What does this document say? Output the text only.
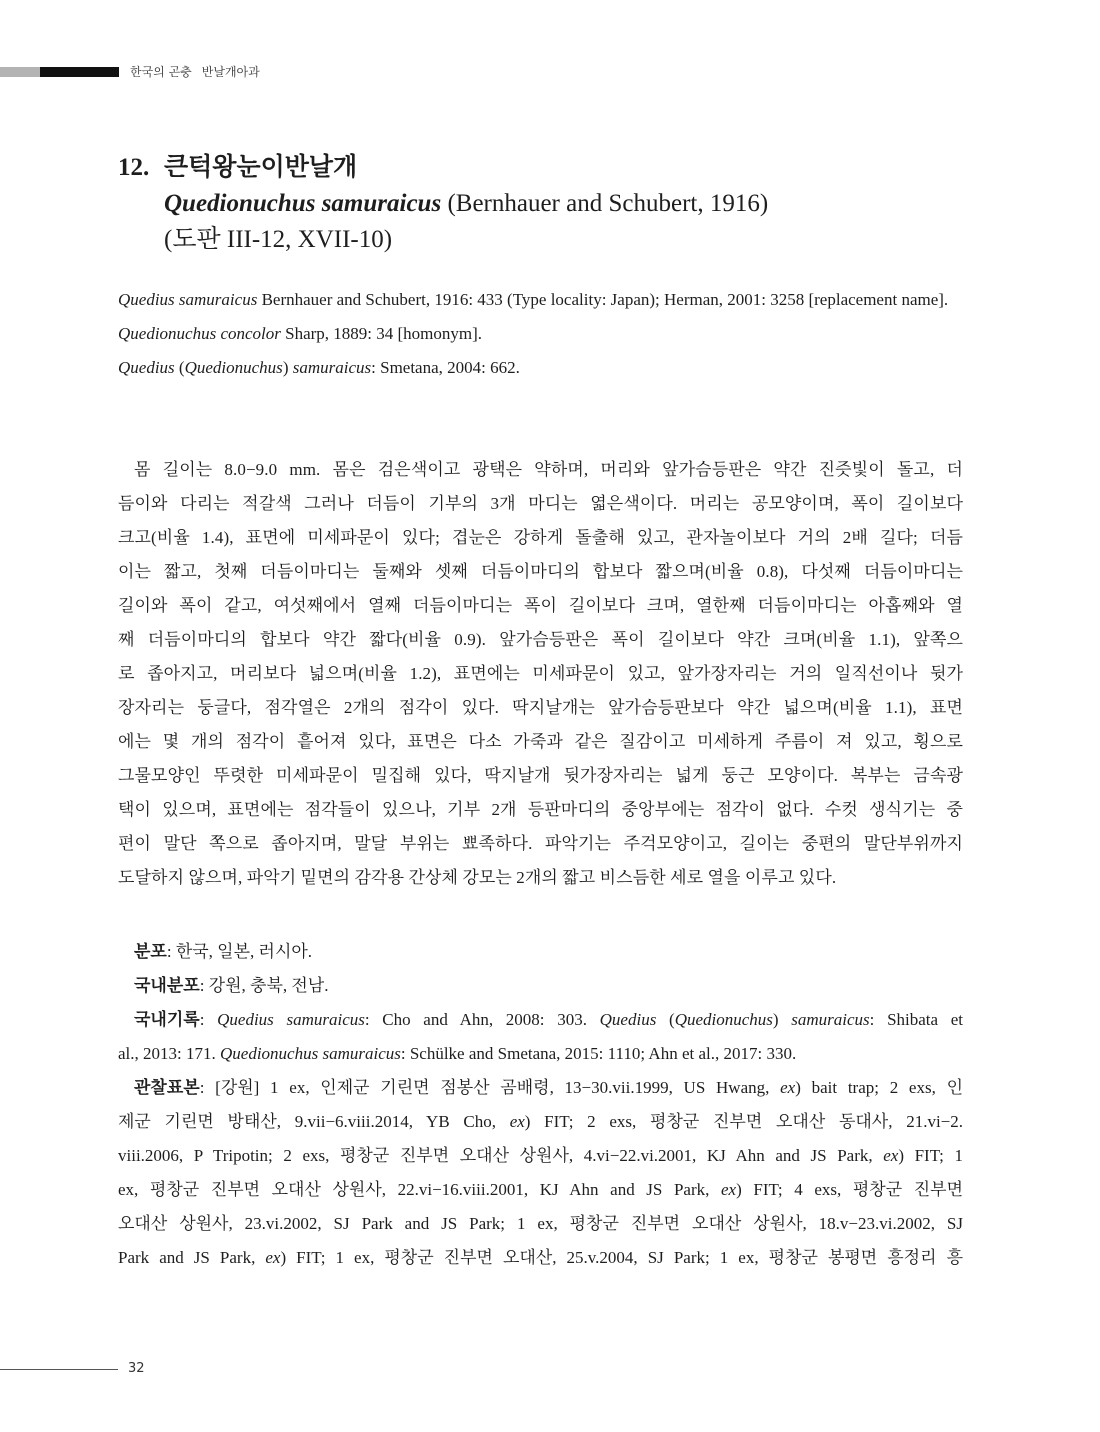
한국의 곤충 반날개아과
12. 큰턱왕눈이반날개
Quedionuchus samuraicus (Bernhauer and Schubert, 1916)
(도판 III-12, XVII-10)
Quedius samuraicus Bernhauer and Schubert, 1916: 433 (Type locality: Japan); Herman, 2001: 3258 [replacement name].
Quedionuchus concolor Sharp, 1889: 34 [homonym].
Quedius (Quedionuchus) samuraicus: Smetana, 2004: 662.
몸 길이는 8.0−9.0 mm. 몸은 검은색이고 광택은 약하며, 머리와 앞가슴등판은 약간 진즛빛이 돌고, 더
듬이와 다리는 적갈색 그러나 더듬이 기부의 3개 마디는 엷은색이다. 머리는 공모양이며, 폭이 길이보다
크고(비율 1.4), 표면에 미세파문이 있다; 겹눈은 강하게 돌출해 있고, 관자놀이보다 거의 2배 길다; 더듬
이는 짧고, 첫째 더듬이마디는 둘째와 셋째 더듬이마디의 합보다 짧으며(비율 0.8), 다섯째 더듬이마디는
길이와 폭이 같고, 여섯째에서 열째 더듬이마디는 폭이 길이보다 크며, 열한째 더듬이마디는 아홉째와 열
째 더듬이마디의 합보다 약간 짧다(비율 0.9). 앞가슴등판은 폭이 길이보다 약간 크며(비율 1.1), 앞쪽으
로 좁아지고, 머리보다 넓으며(비율 1.2), 표면에는 미세파문이 있고, 앞가장자리는 거의 일직선이나 뒷가
장자리는 둥글다, 점각열은 2개의 점각이 있다. 딱지날개는 앞가슴등판보다 약간 넓으며(비율 1.1), 표면
에는 몇 개의 점각이 흩어져 있다, 표면은 다소 가죽과 같은 질감이고 미세하게 주름이 져 있고, 횡으로
그물모양인 뚜렷한 미세파문이 밀집해 있다, 딱지날개 뒷가장자리는 넓게 둥근 모양이다. 복부는 금속광
택이 있으며, 표면에는 점각들이 있으나, 기부 2개 등판마디의 중앙부에는 점각이 없다. 수컷 생식기는 중
편이 말단 쪽으로 좁아지며, 말달 부위는 뾰족하다. 파악기는 주걱모양이고, 길이는 중편의 말단부위까지
도달하지 않으며, 파악기 밑면의 감각용 간상체 강모는 2개의 짧고 비스듬한 세로 열을 이루고 있다.
분포: 한국, 일본, 러시아.
국내분포: 강원, 충북, 전남.
국내기록: Quedius samuraicus: Cho and Ahn, 2008: 303. Quedius (Quedionuchus) samuraicus: Shibata et
al., 2013: 171. Quedionuchus samuraicus: Schülke and Smetana, 2015: 1110; Ahn et al., 2017: 330.
관찰표본: [강원] 1 ex, 인제군 기린면 점봉산 곰배령, 13−30.vii.1999, US Hwang, ex) bait trap; 2 exs, 인
제군 기린면 방태산, 9.vii−6.viii.2014, YB Cho, ex) FIT; 2 exs, 평창군 진부면 오대산 동대사, 21.vi−2.
viii.2006, P Tripotin; 2 exs, 평창군 진부면 오대산 상원사, 4.vi−22.vi.2001, KJ Ahn and JS Park, ex) FIT; 1
ex, 평창군 진부면 오대산 상원사, 22.vi−16.viii.2001, KJ Ahn and JS Park, ex) FIT; 4 exs, 평창군 진부면
오대산 상원사, 23.vi.2002, SJ Park and JS Park; 1 ex, 평창군 진부면 오대산 상원사, 18.v−23.vi.2002, SJ
Park and JS Park, ex) FIT; 1 ex, 평창군 진부면 오대산, 25.v.2004, SJ Park; 1 ex, 평창군 봉평면 흥정리 흥
32
